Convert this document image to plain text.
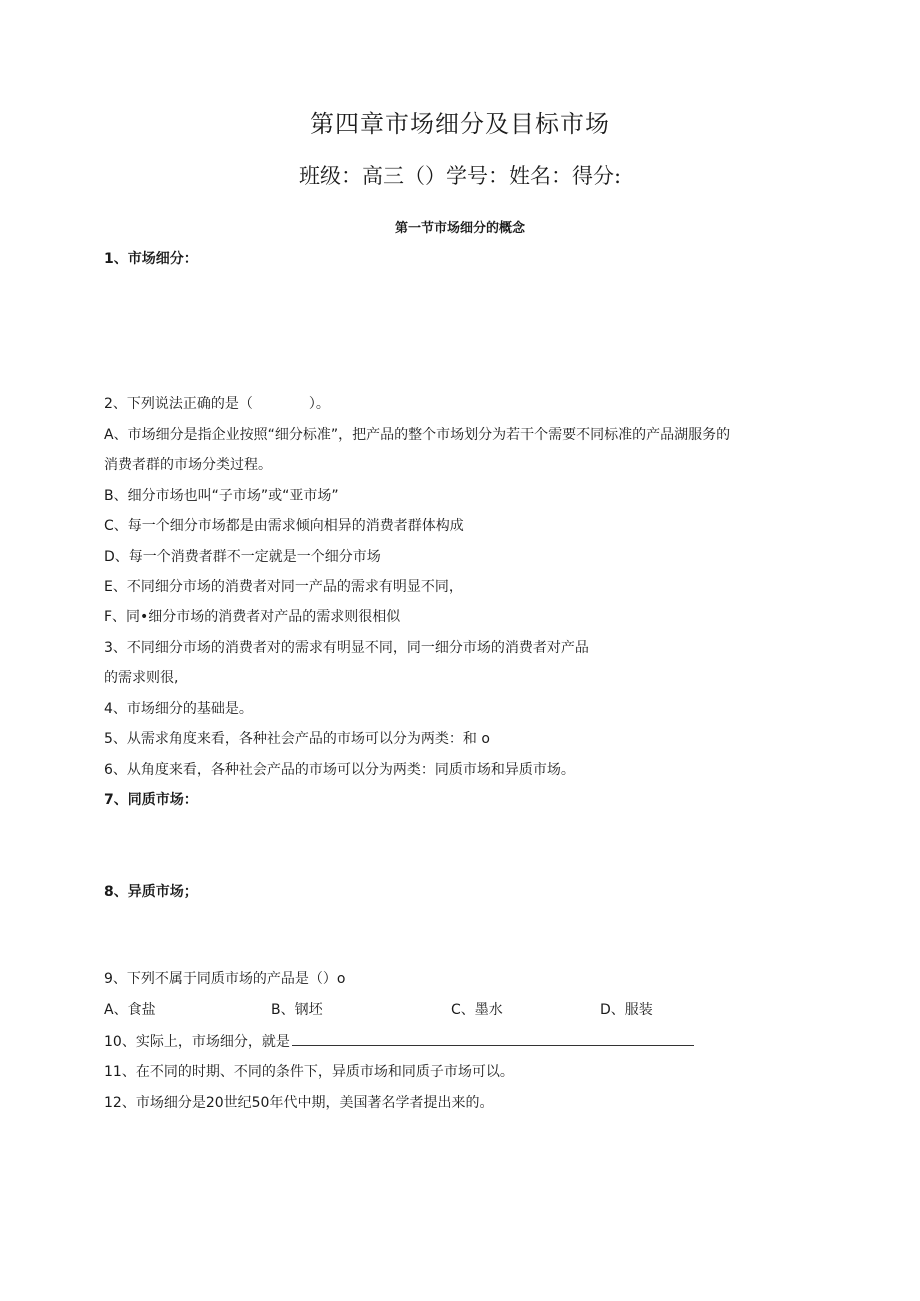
第四章市场细分及目标市场
班级：高三（）学号：姓名：得分:
第一节市场细分的概念
1、市场细分：
2、下列说法正确的是（　　　　）。
A、市场细分是指企业按照“细分标准”，把产品的整个市场划分为若干个需要不同标准的产品湖服务的
消费者群的市场分类过程。
B、细分市场也叫“子市场”或“亚市场”
C、每一个细分市场都是由需求倾向相异的消费者群体构成
D、每一个消费者群不一定就是一个细分市场
E、不同细分市场的消费者对同一产品的需求有明显不同，
F、同•细分市场的消费者对产品的需求则很相似
3、不同细分市场的消费者对的需求有明显不同，同一细分市场的消费者对产品
的需求则很,
4、市场细分的基础是。
5、从需求角度来看，各种社会产品的市场可以分为两类：和 o
6、从角度来看，各种社会产品的市场可以分为两类：同质市场和异质市场。
7、同质市场：
8、异质市场；
9、下列不属于同质市场的产品是（）o
A、食盐	B、钢坯	C、墨水	D、服装
10、实际上，市场细分，就是
11、在不同的时期、不同的条件下，异质市场和同质子市场可以。
12、市场细分是20世纪50年代中期，美国著名学者提出来的。
